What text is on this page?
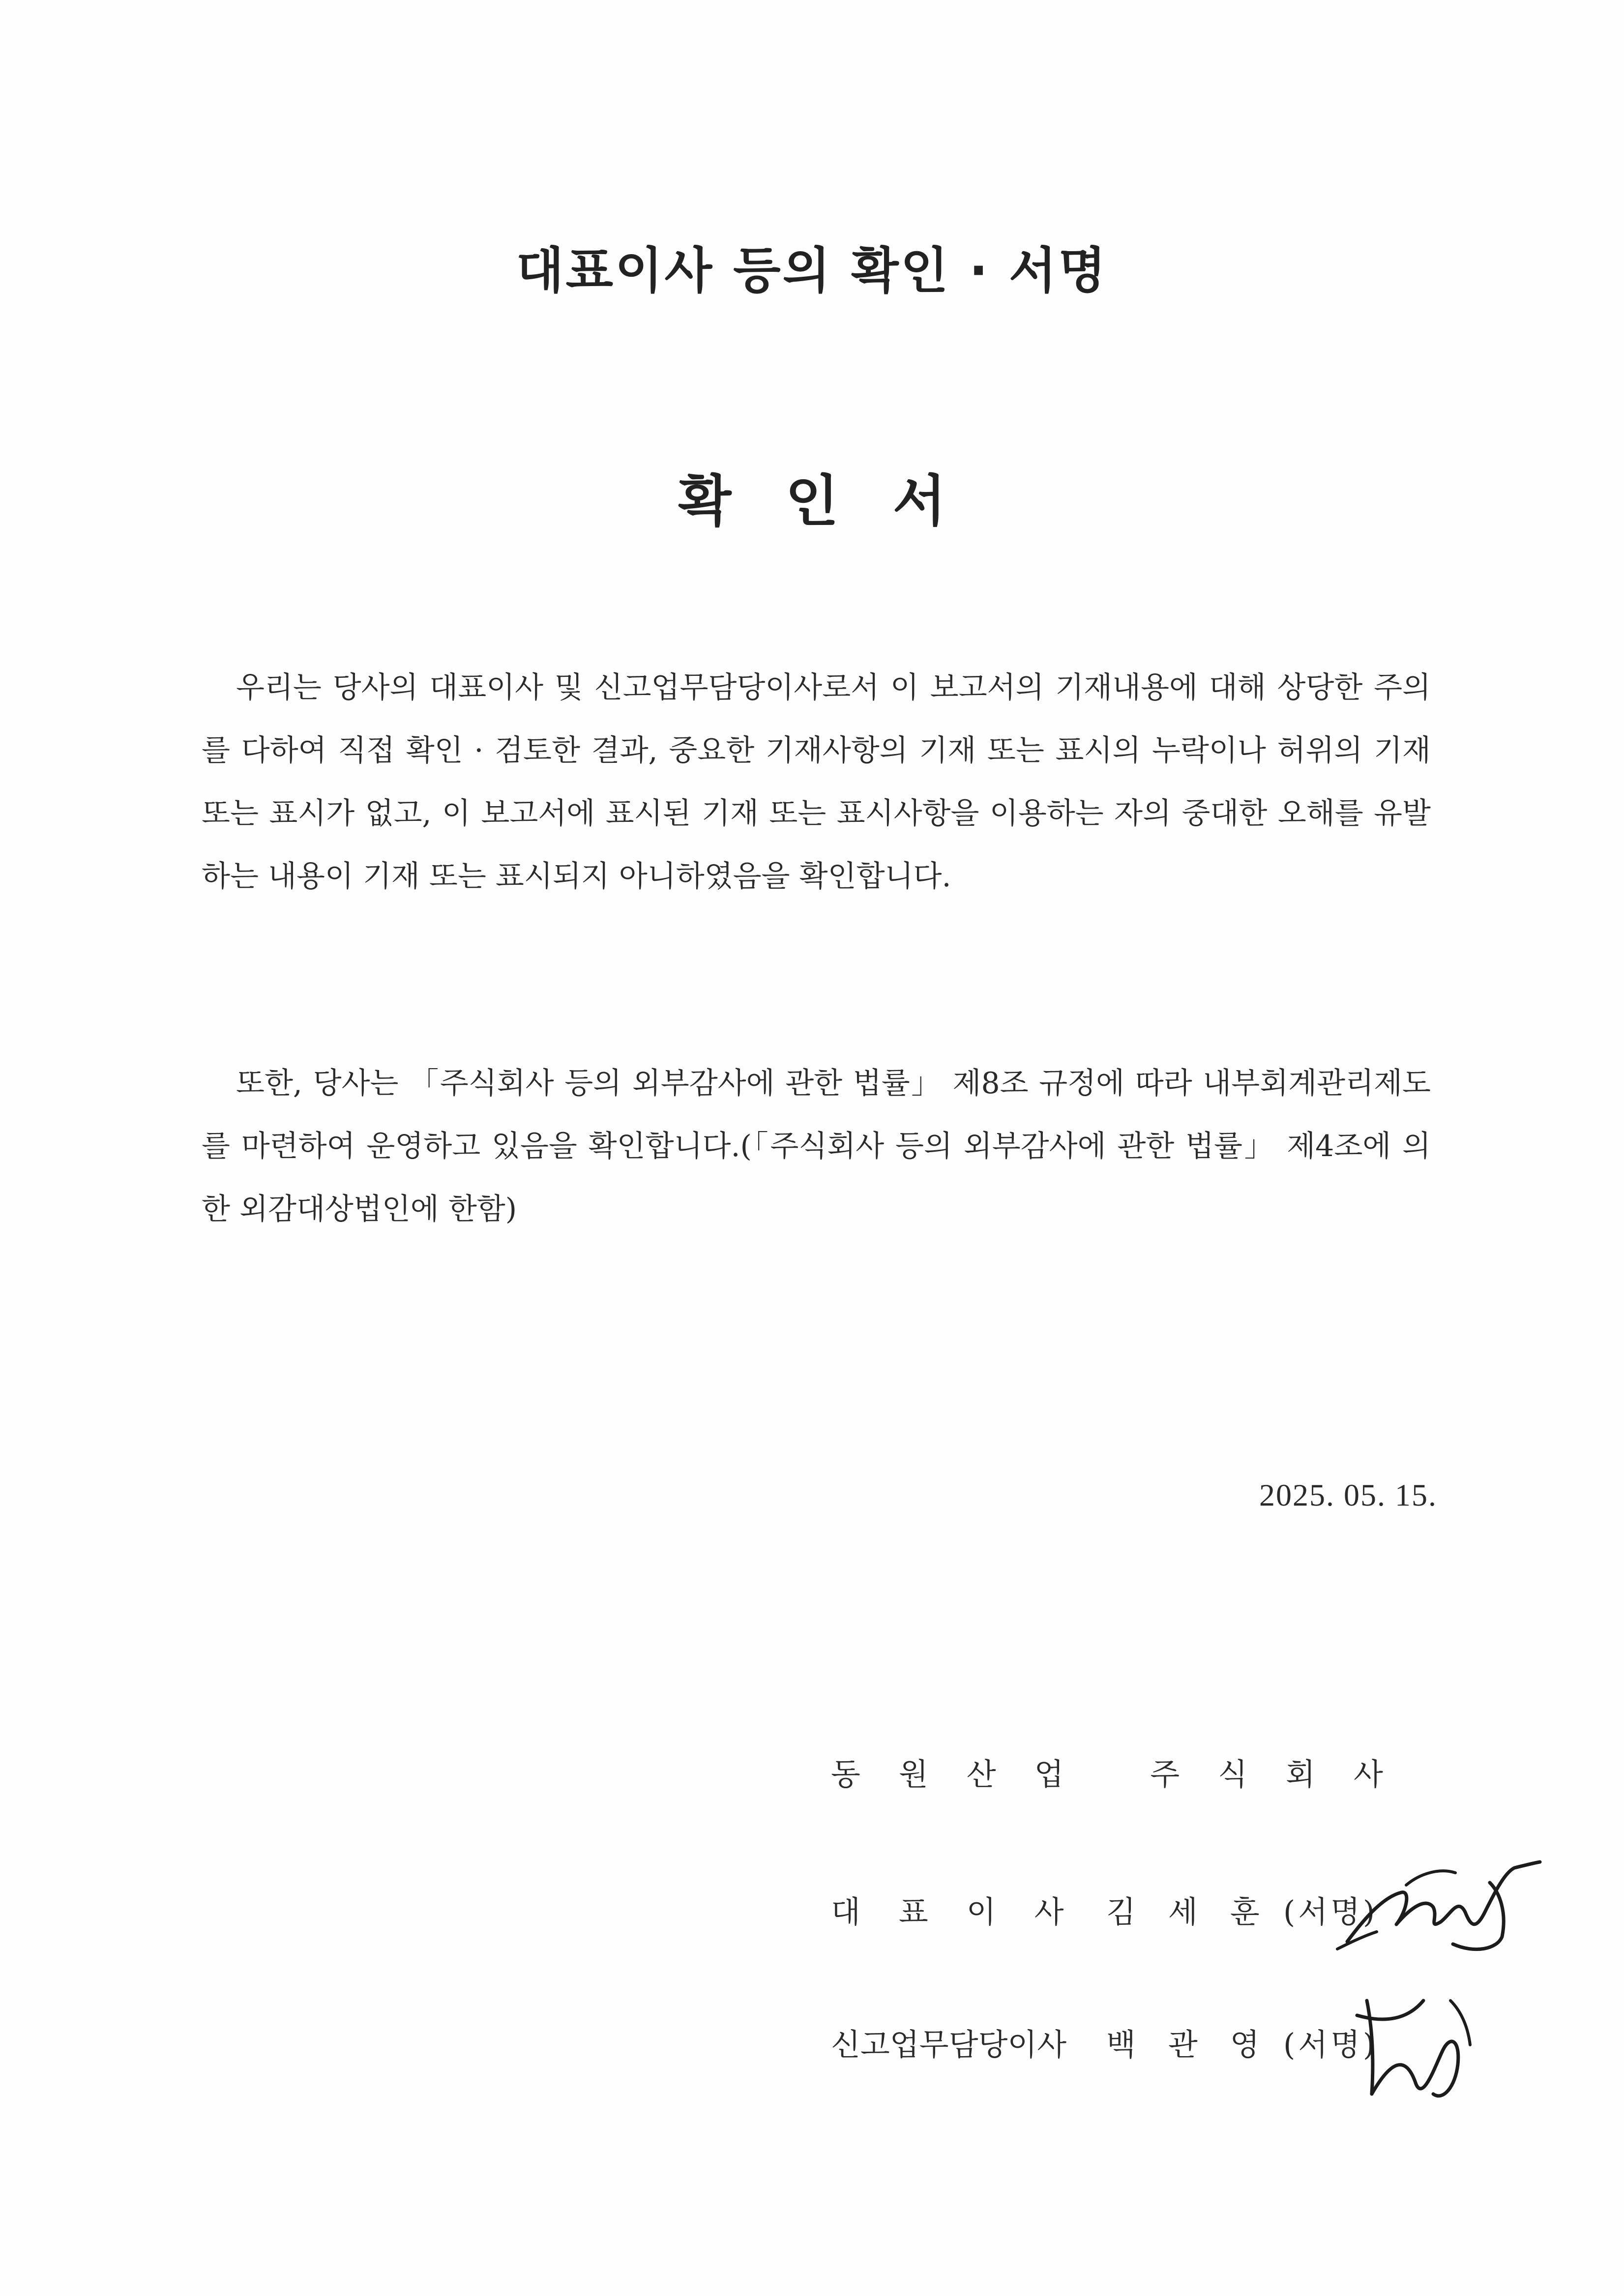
대표이사 등의 확인 · 서명
확인서

우리는 당사의 대표이사 및 신고업무담당이사로서 이 보고서의 기재내용에 대해 상당한 주의를 다하여 직접 확인 · 검토한 결과, 중요한 기재사항의 기재 또는 표시의 누락이나 허위의 기재 또는 표시가 없고, 이 보고서에 표시된 기재 또는 표시사항을 이용하는 자의 중대한 오해를 유발하는 내용이 기재 또는 표시되지 아니하였음을 확인합니다.

또한, 당사는 「주식회사 등의 외부감사에 관한 법률」 제8조 규정에 따라 내부회계관리제도를 마련하여 운영하고 있음을 확인합니다.(「주식회사 등의 외부감사에 관한 법률」 제4조에 의한 외감대상법인에 한함)

2025. 05. 15.
동원산업 주식회사
대표이사 김세훈
(서명)
신고업무담당이사	백관영
(서명)
